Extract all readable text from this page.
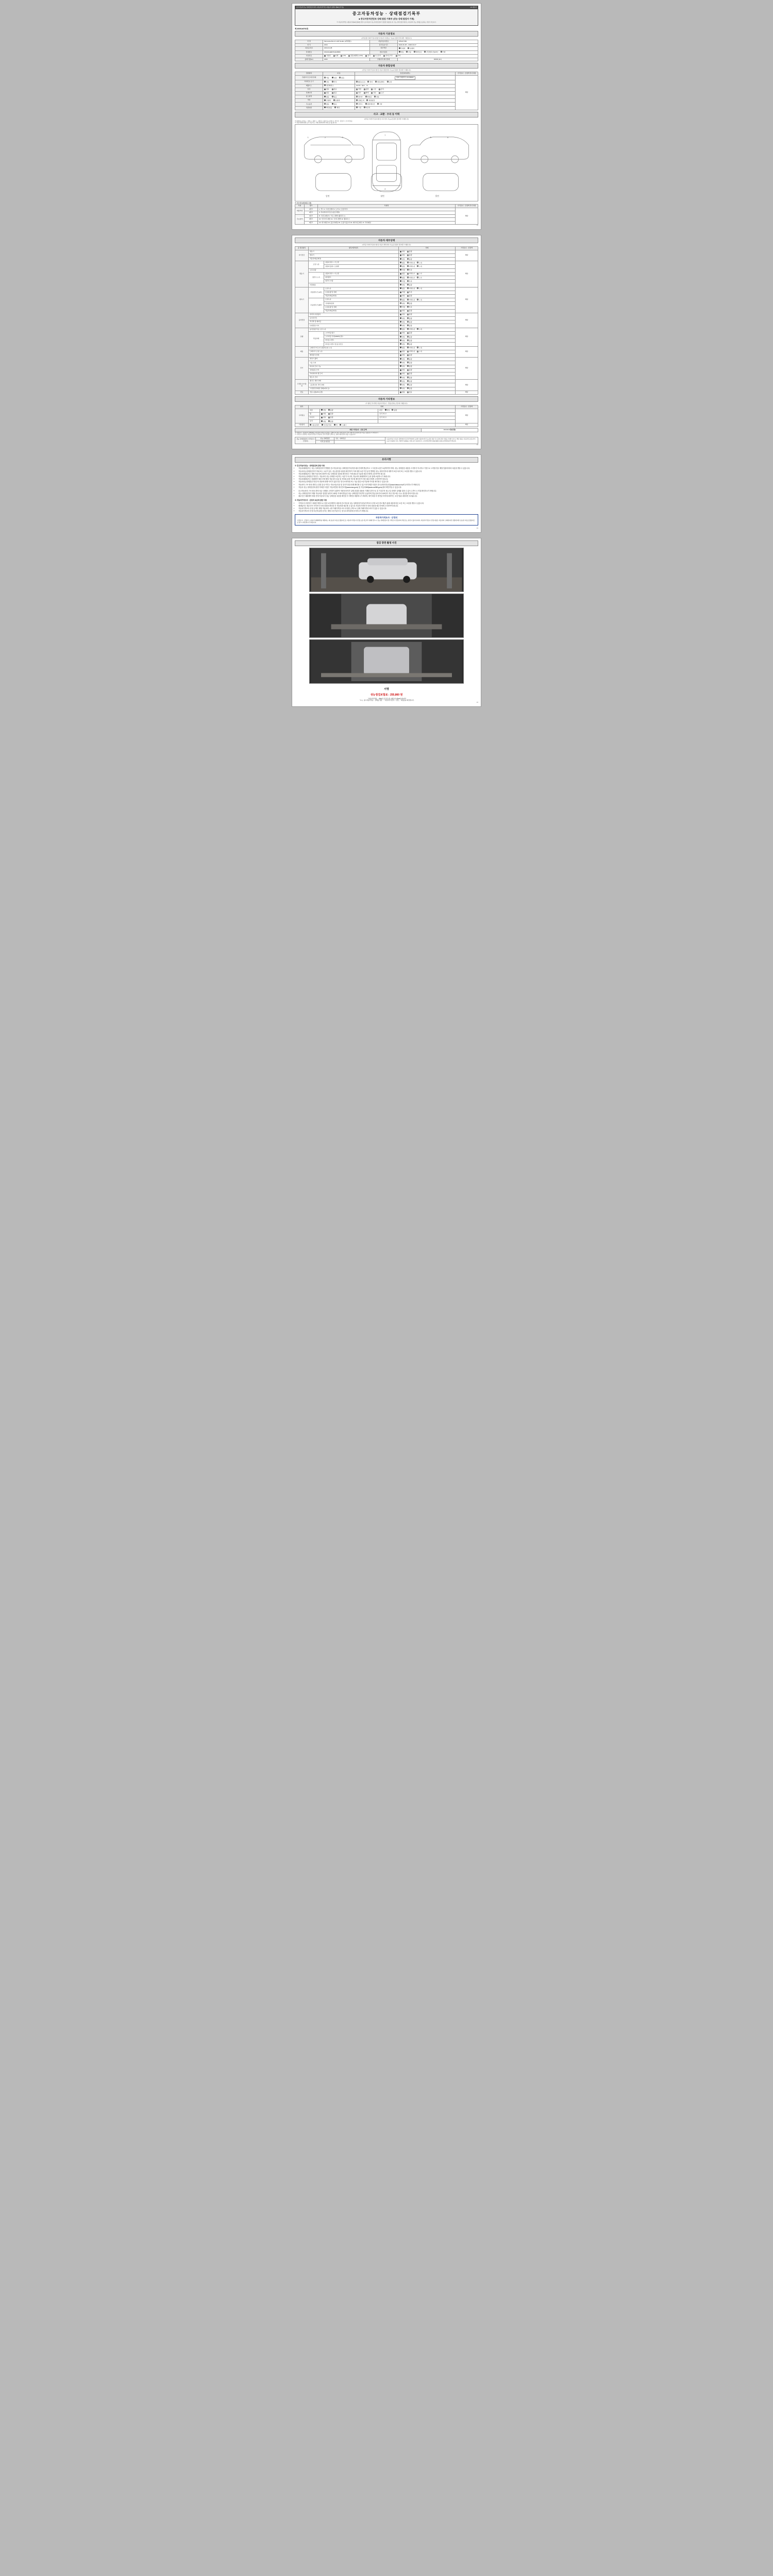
중고자동차성능·상태점검기록부 (자동차관리법 시행규칙 [별지 제82호서식])	1/4 페이지
중고자동차성능 · 상태점검기록부
■ 중고자동차진단보·상태 점검 기록부 (성능·상태 점검자 기재)
※ 자동차관리법 시행규칙 제120조제1항 관련 / 중고자동차 성능·상태 점검자가 점검한 내용입니다. 성능·상태 점검기록부는 자동차의 성능·상태를 보증하는 서류가 아닙니다.
제 4000146792호
자동차 기본정보
(자격증명 기재가격 통지사항 및 자동차 기본정보 / 성능을 점검한 경우에만 기재합니다)
차 명	Mercedes-Benz A 220 Sedan (4세대형 )	자동차등록번호	265H17360
연 식	2024	검사유효기간	2024-01-08 ~ 2026-01-07
최초등록일	2024-01-08	외부색상	무채색 유채색
차대번호	W1K0G4EB7RJ420580	변속기종류	자동 수동 세미오토 무단변속기(CVT) 기타
사용연료	가솔린 디젤 LPG 겸용(휘발유+LPG) 전기 수소전기 하이브리드 기타		
총배기량(cc)	2000	주행거리 계기상태	00000 (km)
자동차 종합상태
(자격증 기재가격 통지사항 및 자동차 종합상태 / 성능을 점검한 경우에만 기재합니다)
점검항목	내 용	점검결과(세부)	가격조사 · 산정액 특기사항
주행거리 및 계기상태	적음 보통 많음	현재 주행거리 | 41,362km	해당
차대번호 표기	양호 부식	훼손(오손) 상이 변조(변타) 도말	
배출가스	일산화탄소	0.07% . 5pm. . %	
튜닝	없음 있음	적법 불법 구조 장치	
특별이력	없음 있음	침수 화재 전손 도난	
용도변경	없음 있음	렌터카 영업용 관용	
색상	무채색 유채색	전체도색 색상변경	
주요옵션	없음 있음	선루프 내비게이션 기타	
리콜대상	해당없음 해당	시정 미조치	
사고 · 교환 · 수리 등 이력
(자격증 기재가격 통지사항 및 사고이력 / 성능을 점검한 경우에만 기재합니다)
※ (상태 표시기호) ○ : 양호 × : 불량 △ : 교환 ① : 판금 또는 용접 ② : 부식 ③ : 흠집 ④ : 우그러짐 등
※ 차량 상태에 대한 표기 기준으로, 기재 위치에 따라 부위 표시를 합니다.
앞면	윗면	뒷면
1	2	3
7
4
6
5
※ 사고이력 (외판/판금 포함)
부위	랭크	부위명	가격조사 · 산정액 특기사항
외판부위	1랭크	1. 후드 2. 프론트펜더 3. 도어 4. 트렁크리드	해당
	2랭크	5. 라디에이터서포트(볼트체결)	
주요골격	1랭크	8. 프론트패널 9. 크로스멤버 (휠하우스)	
	2랭크	10. 인사이드패널 11. 사이드멤버 12. 휠하우스	
	3랭크	13. 대시패널 14. 플로어패널 15. 트렁크플로어 16. 패키지트레이 17. 리어패널	
1/4
자동차 세부상태
(자격증 기재가격 통지사항 및 자동차 세부상태 / 성능을 점검한 경우에만 기재합니다)
중 점검항목	항목/세부항목		상태	가격조사 · 산정액
자기진단	원동기		양호 불량	해당
	변속기		양호 불량	
	작동상태(공회전)		양호 불량	
원동기	오일 누유	실린더 헤드 / 가스켓	없음 미세누유 누유	해당
		실린더 블록 / 오일팬	없음 미세누유 누유	
	오일 유량		적정 부족	
	냉각수 누수	실린더 헤드 / 가스켓	없음 미세누수 누수	
		워터펌프	없음 미세누수 누수	
		냉각수 수량	적정 부족	
	커먼레일		양호 불량	
변속기	자동변속기 (A/T)	오일누유	없음 미세누유 누유	해당
		오일유량 및 상태	적정 부족	
		작동상태(공회전)	양호 불량	
	수동변속기 (M/T)	오일누유	없음 미세누유 누유	
		기어변속장치	양호 불량	
		오일유량 및 상태	적정 부족	
		작동상태(공회전)	양호 불량	
동력전달	클러치 어셈블리		양호 불량	해당
	등속조인트		양호 불량	
	추진축 및 베어링		양호 불량	
	디퍼렌셜 기어		양호 불량	
조향	동력조향 작동 오일 누유		없음 미세누유 누유	해당
	작동상태	스티어링 펌프	양호 불량	
		스티어링 기어(MDPS포함)	양호 불량	
		타이로드엔드	양호 불량	
		타이로드엔드 및 볼 조인트	양호 불량	
제동	브레이크 마스터 실린더오일 누유		없음 미세누유 누유	해당
	브레이크 오일 누유		없음 미세누유 누유	
	배력장치 상태		양호 불량	
전기	발전기 출력		양호 불량	해당
	시동 모터		양호 불량	
	와이퍼 모터 기능		양호 불량	
	실내송풍 모터		양호 불량	
	라디에이터 팬 모터		양호 불량	
	윈도우 모터		양호 불량	
고전원 전기장치	충전구 절연 상태		양호 불량	해당
	구동축전지 격리 상태		양호 불량	
	고전원전기배선 상태(피복 등)		양호 불량	
연료	연료누출(LPG포함)		없음 있음	해당
자동차 기타정보
(※ 항목은 부가적인 자동차가격조사 · 산정을 권하는 경우에 기재합니다)
항목	상태			가격조사 · 산정액
수리필요	외장	양호 불량	내장 양호 불량	해당
	휠	양호 불량	전 후 좌 우	
	타이어	양호 불량	전 후 좌 우	
	유리	양호 불량		
기본품목	사용설명서 안전삼각대 잭 스패너			해당
최종 가격조사 · 산정 금액	0 0 0 0 0 원(만원)
※ 가격조사 · 산정가격 금액합계는 자동차의 가치를 보증하는 금액이 아니며, 거래 당사자 간의 거래가격 결정에 참고자료로 활용하시기 바랍니다.
※ 가격조사·산정액은 자동차가격조사·산정자가 조사·산정한 금액으로, 실제 거래가격과 다를 수 있습니다.
성능·상태점검자 (가격조사·산정자)	성능·상태점검	상호 : 대화정공	보증(이력)은 자동차 관련법에 자동차관리법에서 규정한 내용에 따라 성능점검 내용 및 보증에 관한 사항을 기재한 것으로, 해당 내용은 자동차인도일로부터 보증기간(30일 이상, 주행거리 2000km 이상) 동안 유효합니다. 소비자상담센터 1544-5935 보험료 2만5천원(부가세포함)
	가격·조사산정		
2/4
유의사항
※ 중고자동차성능 · 상태점검에 관한 사항
• 자동차매매업자는 성능·상태점검자가 발행한 중고자동차성능·상태점검기록부를 매수인에게 발급하고 그 사본을 1년간 보관하여야 하며, 성능·상태점검 내용을 고지하지 아니하고 거짓으로 고지할 경우 해당 법률에 따라 처분을 받을 수 있습니다.
• 자동차성능상태점검자가 허위 또는 오류가 있는 성능점검을 내용을 확인하여 이에 대한 보증기간 동안 발생한 성능·상태 하자에 대하여 보험 처리 또는 보상을 받을 수 있습니다.
• 자동차매매업자는 해당 자동차에 대하여 성능·상태점검 내용을 확인하고 이에 필요한 서류를 매수인에게 교부하여야 합니다.
• 자동차성능상태점검기록부는 자동차의 성능·상태를 보증하는 서류가 아니며, 자동차의 매매계약서 등과 함께 보관하시기 바랍니다.
• 자동차매매업자는 매매계약 체결 전에 해당 자동차의 압류 및 저당권 설정 여부를 확인하여 이를 매수인에게 고지하여야 합니다.
• 자동차성능상태점검기록부의 내용에 대해 이의가 있을 경우 한국소비자원 또는 성능점검 보증기관에 이의를 제기할 수 있습니다.
• 자동차의 구조·장치 변경 등 불법 튜닝 여부는 자동차등록증 및 검사기록을 통해 확인할 수 있으며 자세한 사항은 한국교통안전공단(www.kotsa.or.kr)에 문의하시기 바랍니다.
• 자동차 성능·상태점검에 관한 자세한 사항은 자동차민원 대국민포털(www.ecar.go.kr) 및 자동차365(www.car365.go.kr)에서 확인하실 수 있습니다.
• 중고자동차의 구조·장치 별의 성능·상태를 고지하기 위하여 거래 당사자가 실제 점검한 내용을 기재한 것이므로 본 기록부의 성능 및 상태가 실제와 다를 수 있으니 반드시 직접 확인하시기 바랍니다.
• 성능·상태점검자가 해당 자동차를 점검한 날부터 120일 이내에 발급된 성능·상태점검기록부만 유효하며, 발급일로부터 120일이 지난 경우에는 다시 점검을 받아야 합니다.
• 매수인은 매매계약 체결 전에 자동차의 성능·상태점검 내용을 확인한 후 계약을 체결하시기 바라며, 계약 체결 후 발견된 하자에 대하여는 보증 범위 내에서만 처리됩니다.
※ 자동차가격조사 · 산정의 보증에 관한 사항
• 가격조사·산정자가 어떠한 방법으로 점검 보증계약의 내용에 중고자동차 성능·상태점검기록부(가격조사·산정 보증 한도액)가 판매 내용에 따른 보증 또는 보상을 받을 수 있습니다.
• 매매업자는 매수인이 가격조사·산정 내용을 확인한 후 자동차를 매수할 수 있도록 자동차가격조사·산정 내용을 매수인에게 고지하여야 합니다.
• 자동차가격조사·산정 금액은 해당 자동차의 시장 거래가격을 조사·산정한 금액으로 실제 거래가격과 차이가 있을 수 있습니다.
• 자동차가격조사·산정 보증에 관한 문의는 해당 보증기관 또는 한국소비자원에 문의하시기 바랍니다.
자동차가격조사 · 산정의
"가격조사 · 산정"은 소비자가 매매계약을 체결하는 데 중요한 자료로 활용되므로 자동차가격조사·산정 보증 한도액 기재에 반드시 성능·상태점검자 및 가격조사·산정자의 서명 또는 날인이 있어야 하며, 자동차가격조사·산정 내용은 자동차의 구매에 따른 결정에 매우 중요한 자료로 활용되므로 반드시 확인하시기 바랍니다.
3/4
점검 장면 촬영 사진
서명
성능점검보험료 : 255,860 원
「자동차관리법」 제58조 및 같은 법 시행규칙 제120조에 따라
「1 1」중고자동차성능 · 상태를 점검, 「 자동차가격조사 · 산정 」 하였음을 확인합니다.
4/4
